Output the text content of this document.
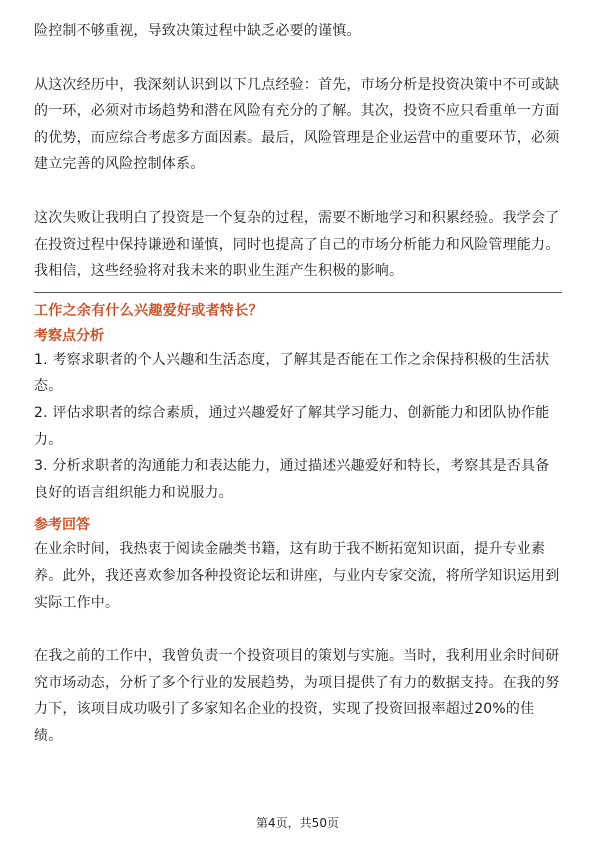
险控制不够重视，导致决策过程中缺乏必要的谨慎。

从这次经历中，我深刻认识到以下几点经验：首先，市场分析是投资决策中不可或缺的一环，必须对市场趋势和潜在风险有充分的了解。其次，投资不应只看重单一方面的优势，而应综合考虑多方面因素。最后，风险管理是企业运营中的重要环节，必须建立完善的风险控制体系。

这次失败让我明白了投资是一个复杂的过程，需要不断地学习和积累经验。我学会了在投资过程中保持谦逊和谨慎，同时也提高了自己的市场分析能力和风险管理能力。我相信，这些经验将对我未来的职业生涯产生积极的影响。

工作之余有什么兴趣爱好或者特长？

考察点分析

1. 考察求职者的个人兴趣和生活态度，了解其是否能在工作之余保持积极的生活状态。

2. 评估求职者的综合素质，通过兴趣爱好了解其学习能力、创新能力和团队协作能力。

3. 分析求职者的沟通能力和表达能力，通过描述兴趣爱好和特长，考察其是否具备良好的语言组织能力和说服力。

参考回答

在业余时间，我热衷于阅读金融类书籍，这有助于我不断拓宽知识面，提升专业素养。此外，我还喜欢参加各种投资论坛和讲座，与业内专家交流，将所学知识运用到实际工作中。

在我之前的工作中，我曾负责一个投资项目的策划与实施。当时，我利用业余时间研究市场动态，分析了多个行业的发展趋势，为项目提供了有力的数据支持。在我的努力下，该项目成功吸引了多家知名企业的投资，实现了投资回报率超过20%的佳绩。

第4页，共50页
